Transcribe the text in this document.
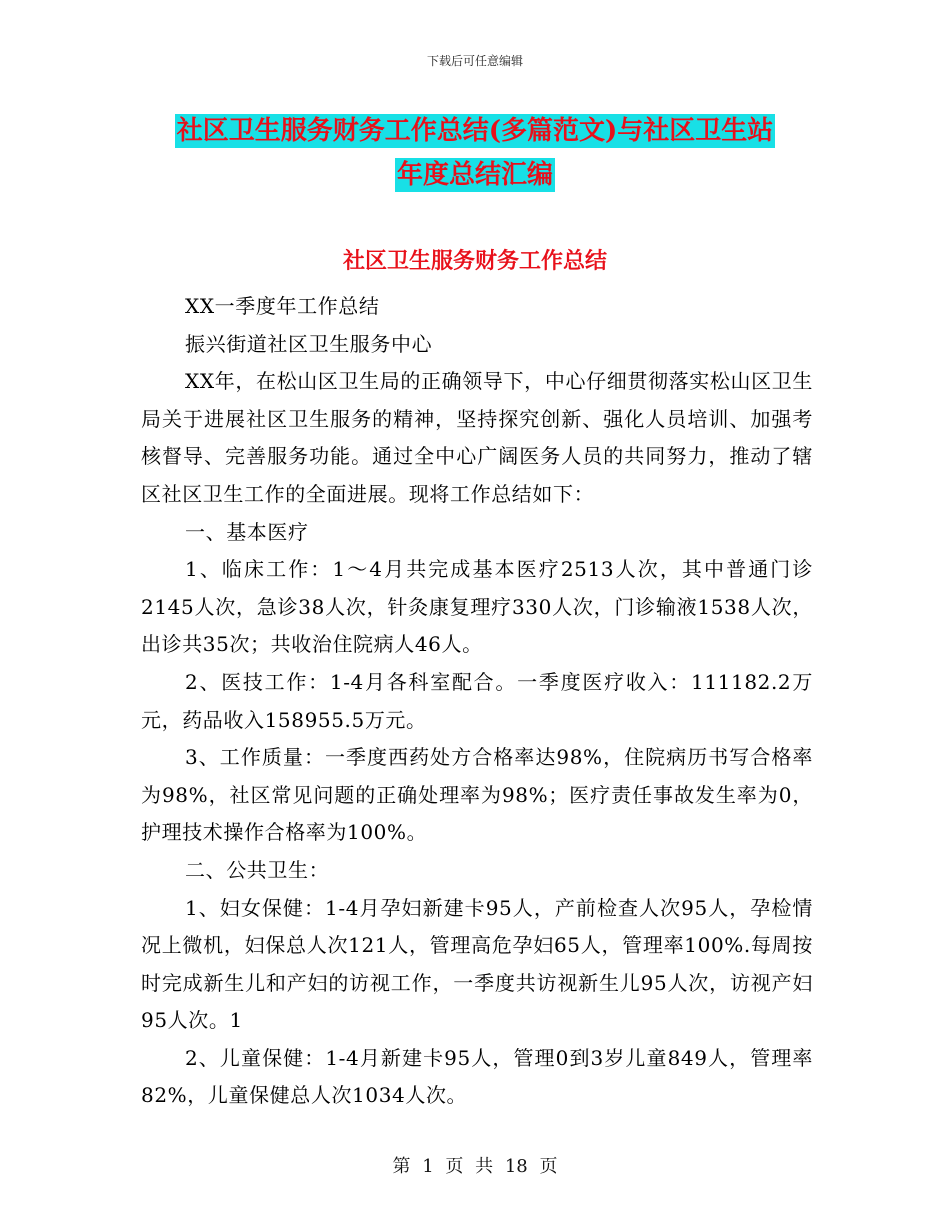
下载后可任意编辑
社区卫生服务财务工作总结(多篇范文)与社区卫生站
年度总结汇编
社区卫生服务财务工作总结

XX一季度年工作总结

振兴街道社区卫生服务中心

XX年，在松山区卫生局的正确领导下，中心仔细贯彻落实松山区卫生局关于进展社区卫生服务的精神，坚持探究创新、强化人员培训、加强考核督导、完善服务功能。通过全中心广阔医务人员的共同努力，推动了辖区社区卫生工作的全面进展。现将工作总结如下：

一、基本医疗

1、临床工作：1～4月共完成基本医疗2513人次，其中普通门诊2145人次，急诊38人次，针灸康复理疗330人次，门诊输液1538人次，出诊共35次；共收治住院病人46人。

2、医技工作：1-4月各科室配合。一季度医疗收入：111182.2万元，药品收入158955.5万元。

3、工作质量：一季度西药处方合格率达98%，住院病历书写合格率为98%，社区常见问题的正确处理率为98%；医疗责任事故发生率为0，护理技术操作合格率为100%。

二、公共卫生：

1、妇女保健：1-4月孕妇新建卡95人，产前检查人次95人，孕检情况上微机，妇保总人次121人，管理高危孕妇65人，管理率100%.每周按时完成新生儿和产妇的访视工作，一季度共访视新生儿95人次，访视产妇95人次。1

2、儿童保健：1-4月新建卡95人，管理0到3岁儿童849人，管理率82%，儿童保健总人次1034人次。

第 1 页 共 18 页
